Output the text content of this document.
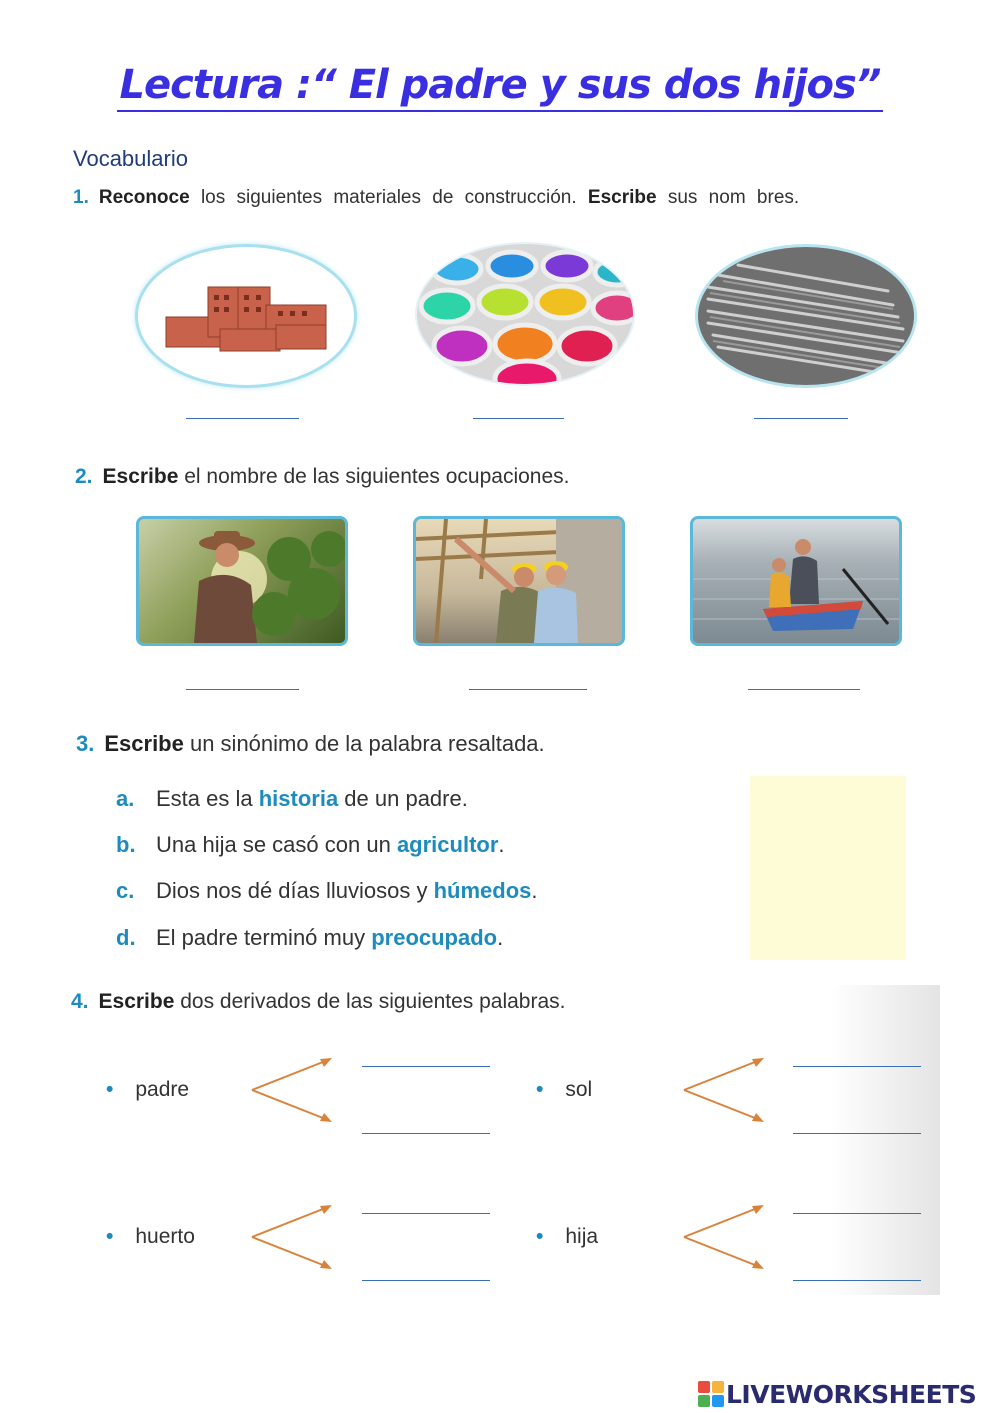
Lectura :“ El padre y sus dos hijos”
Vocabulario
1. Reconoce los siguientes materiales de construcción. Escribe sus nom bres.
2. Escribe el nombre de las siguientes ocupaciones.
3. Escribe un sinónimo de la palabra resaltada.
a. Esta es la historia de un padre.
b. Una hija se casó con un agricultor.
c. Dios nos dé días lluviosos y húmedos.
d. El padre terminó muy preocupado.
4. Escribe dos derivados de las siguientes palabras.
• padre	• sol
• huerto	• hija
LIVEWORKSHEETS
